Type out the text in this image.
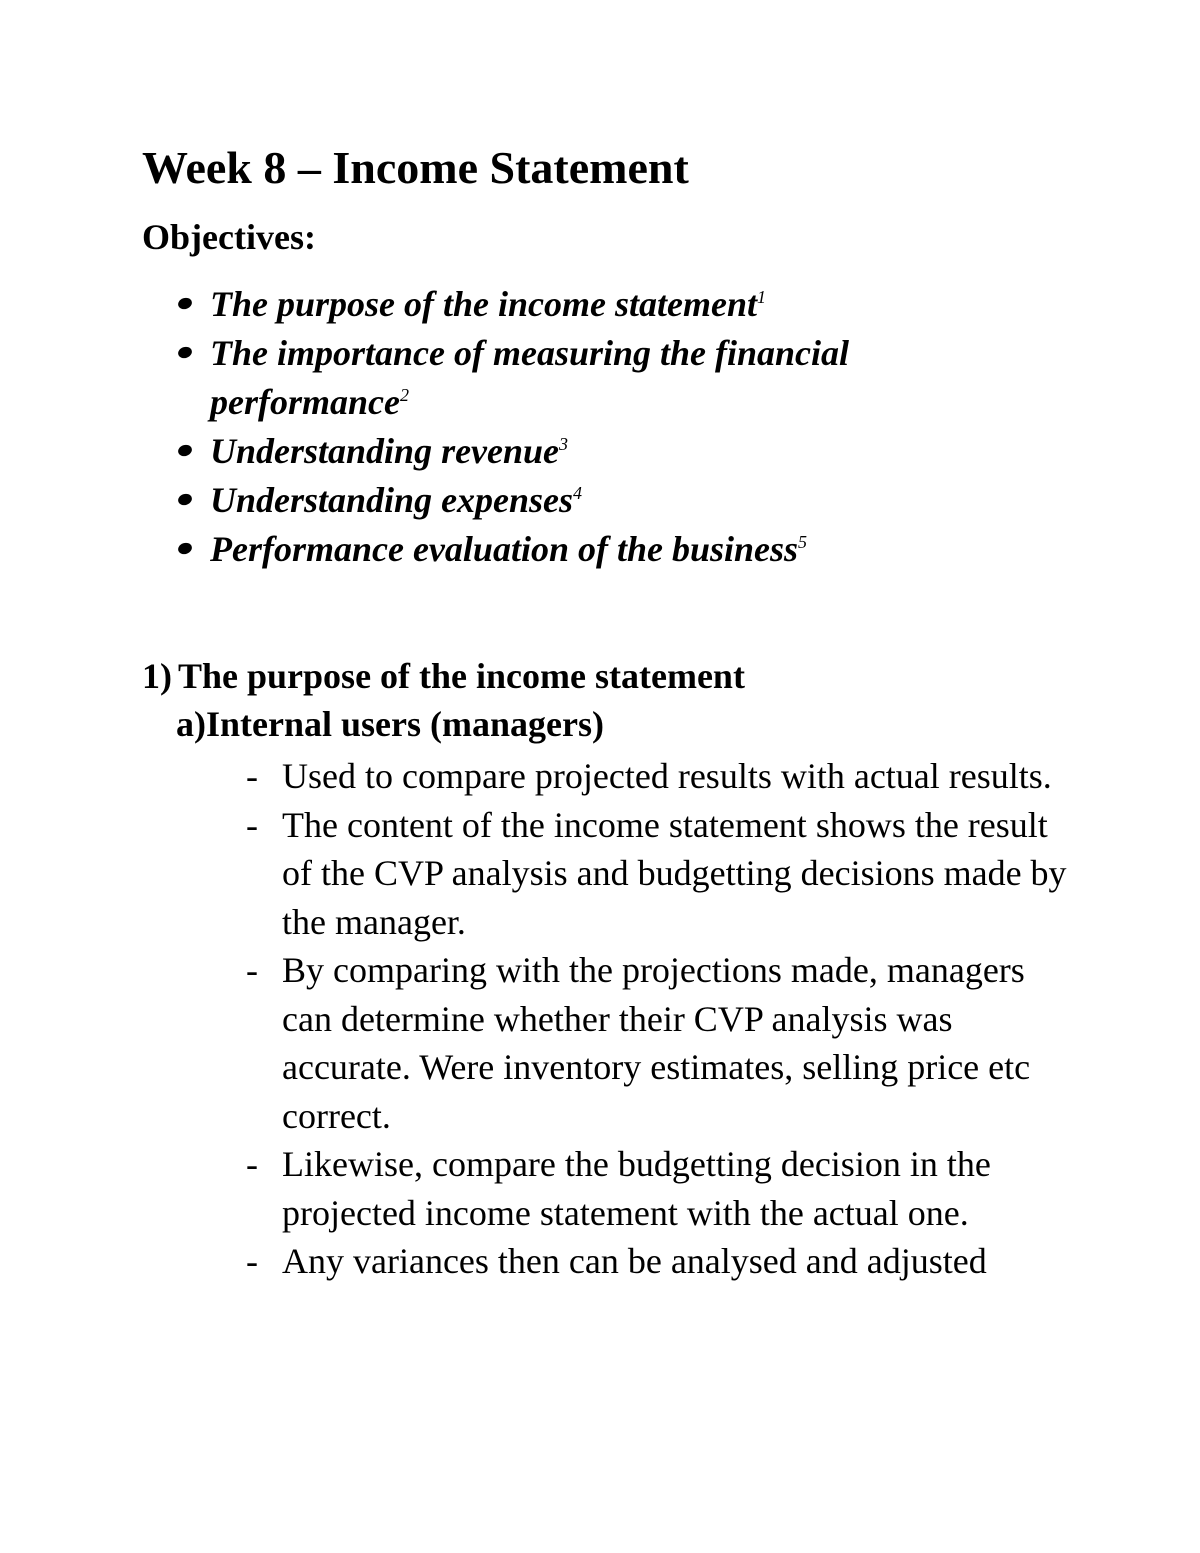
Week 8 – Income Statement
Objectives:
The purpose of the income statement$^1$
The importance of measuring the financial performance$^2$
Understanding revenue$^3$
Understanding expenses$^4$
Performance evaluation of the business$^5$
1) The purpose of the income statement
a)Internal users (managers)
- Used to compare projected results with actual results.
- The content of the income statement shows the result of the CVP analysis and budgetting decisions made by the manager.
- By comparing with the projections made, managers can determine whether their CVP analysis was accurate. Were inventory estimates, selling price etc correct.
- Likewise, compare the budgetting decision in the projected income statement with the actual one.
- Any variances then can be analysed and adjusted
